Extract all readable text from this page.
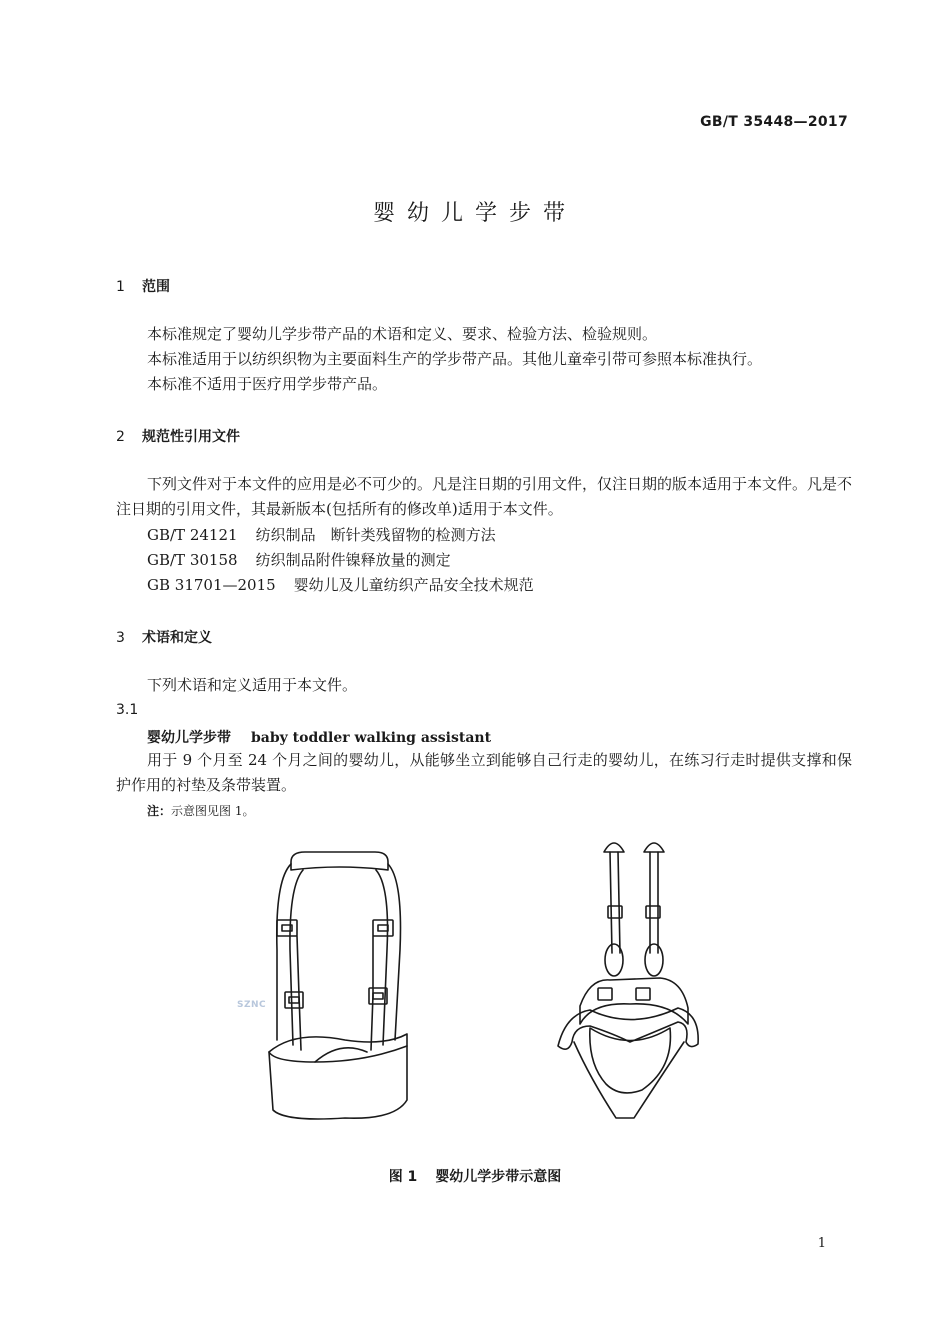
GB/T 35448—2017
婴幼儿学步带
1 范围
本标准规定了婴幼儿学步带产品的术语和定义、要求、检验方法、检验规则。
本标准适用于以纺织织物为主要面料生产的学步带产品。其他儿童牵引带可参照本标准执行。
本标准不适用于医疗用学步带产品。
2 规范性引用文件
下列文件对于本文件的应用是必不可少的。凡是注日期的引用文件，仅注日期的版本适用于本文件。凡是不注日期的引用文件，其最新版本(包括所有的修改单)适用于本文件。
GB/T 24121 纺织制品　断针类残留物的检测方法
GB/T 30158 纺织制品附件镍释放量的测定
GB 31701—2015 婴幼儿及儿童纺织产品安全技术规范
3 术语和定义
下列术语和定义适用于本文件。
3.1
婴幼儿学步带 baby toddler walking assistant
用于 9 个月至 24 个月之间的婴幼儿，从能够坐立到能够自己行走的婴幼儿，在练习行走时提供支撑和保护作用的衬垫及条带装置。
注：示意图见图 1。
SZNC
图 1 婴幼儿学步带示意图
1
